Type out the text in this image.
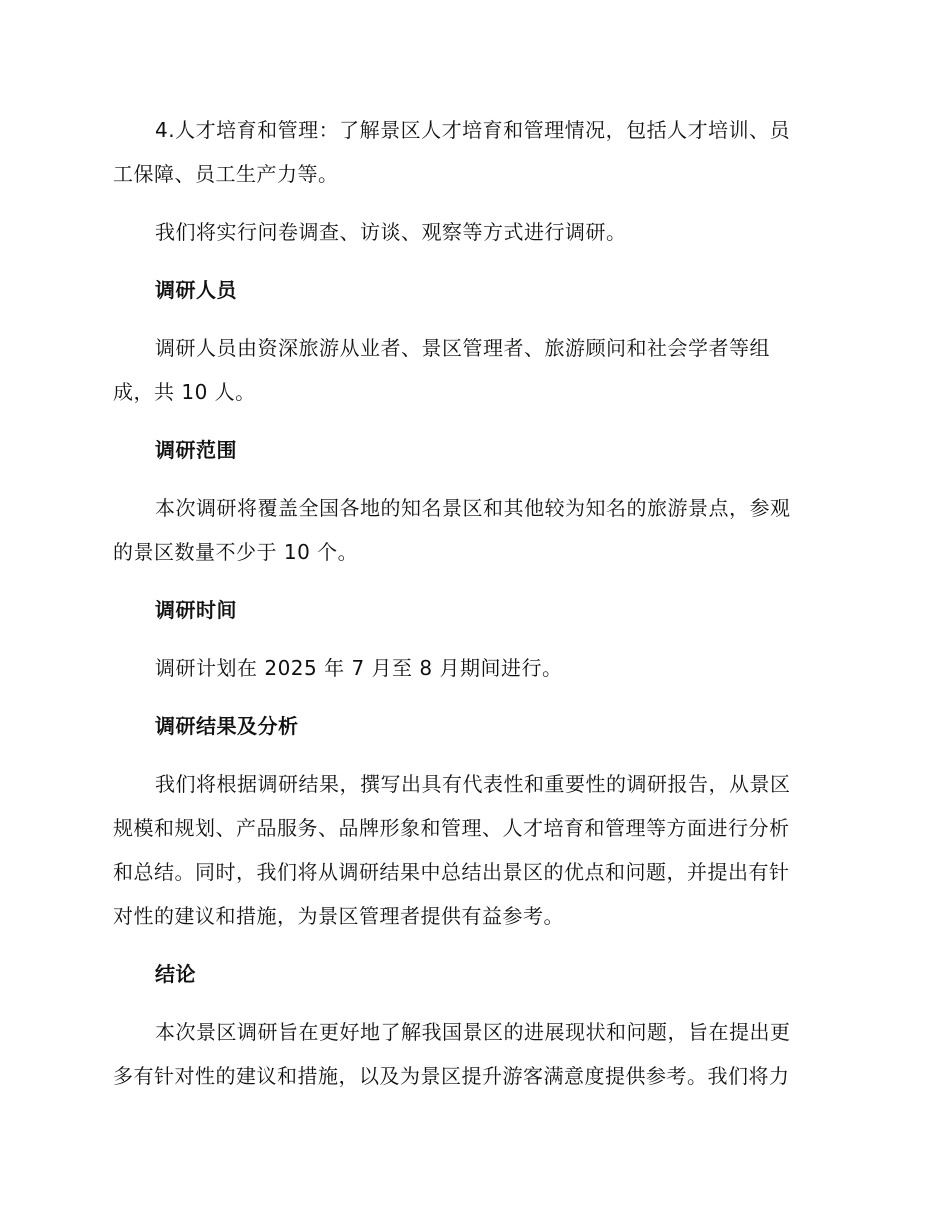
4.人才培育和管理：了解景区人才培育和管理情况，包括人才培训、员

工保障、员工生产力等。

我们将实行问卷调查、访谈、观察等方式进行调研。

调研人员

调研人员由资深旅游从业者、景区管理者、旅游顾问和社会学者等组

成，共 10 人。

调研范围

本次调研将覆盖全国各地的知名景区和其他较为知名的旅游景点，参观

的景区数量不少于 10 个。

调研时间

调研计划在 2025 年 7 月至 8 月期间进行。

调研结果及分析

我们将根据调研结果，撰写出具有代表性和重要性的调研报告，从景区

规模和规划、产品服务、品牌形象和管理、人才培育和管理等方面进行分析

和总结。同时，我们将从调研结果中总结出景区的优点和问题，并提出有针

对性的建议和措施，为景区管理者提供有益参考。

结论

本次景区调研旨在更好地了解我国景区的进展现状和问题，旨在提出更

多有针对性的建议和措施，以及为景区提升游客满意度提供参考。我们将力
